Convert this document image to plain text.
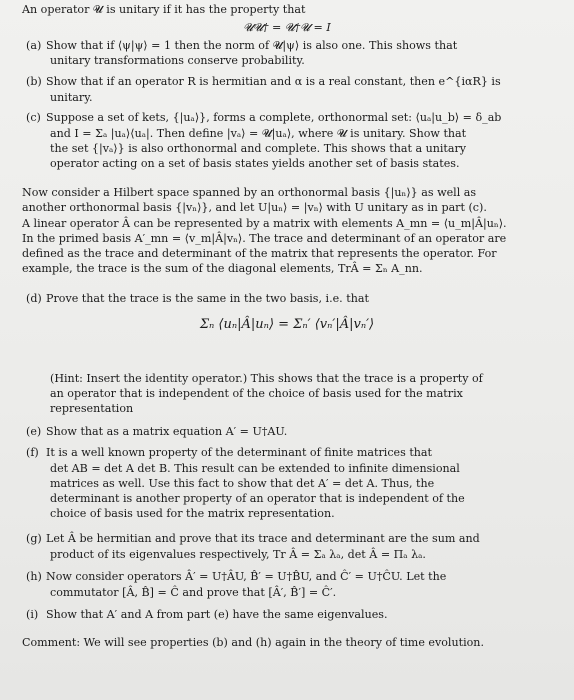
An operator 𝓤 is unitary if it has the property that
𝓤𝓤† = 𝓤†𝓤 = I
(a) Show that if ⟨ψ|ψ⟩ = 1 then the norm of 𝓤|ψ⟩ is also one. This shows that
unitary transformations conserve probability.
(b) Show that if an operator R is hermitian and α is a real constant, then e^{iαR} is
unitary.
(c) Suppose a set of kets, {|uₐ⟩}, forms a complete, orthonormal set: ⟨uₐ|u_b⟩ = δ_ab
and I = Σₐ |uₐ⟩⟨uₐ|. Then define |vₐ⟩ = 𝓤|uₐ⟩, where 𝓤 is unitary. Show that
the set {|vₐ⟩} is also orthonormal and complete. This shows that a unitary
operator acting on a set of basis states yields another set of basis states.
Now consider a Hilbert space spanned by an orthonormal basis {|uₙ⟩} as well as
another orthonormal basis {|vₙ⟩}, and let U|uₙ⟩ = |vₙ⟩ with U unitary as in part (c).
A linear operator Â can be represented by a matrix with elements A_mn = ⟨u_m|Â|uₙ⟩.
In the primed basis A′_mn = ⟨v_m|Â|vₙ⟩. The trace and determinant of an operator are
defined as the trace and determinant of the matrix that represents the operator. For
example, the trace is the sum of the diagonal elements, TrÂ = Σₙ A_nn.
(d) Prove that the trace is the same in the two basis, i.e. that
Σₙ ⟨uₙ|Â|uₙ⟩ = Σₙ′ ⟨vₙ′|Â|vₙ′⟩
(Hint: Insert the identity operator.) This shows that the trace is a property of
an operator that is independent of the choice of basis used for the matrix
representation
(e) Show that as a matrix equation A′ = U†AU.
(f) It is a well known property of the determinant of finite matrices that
det AB = det A det B. This result can be extended to infinite dimensional
matrices as well. Use this fact to show that det A′ = det A. Thus, the
determinant is another property of an operator that is independent of the
choice of basis used for the matrix representation.
(g) Let Â be hermitian and prove that its trace and determinant are the sum and
product of its eigenvalues respectively, Tr Â = Σₐ λₐ, det Â = Πₐ λₐ.
(h) Now consider operators Â′ = U†ÂU, B̂′ = U†B̂U, and Ĉ′ = U†ĈU. Let the
commutator [Â, B̂] = Ĉ and prove that [Â′, B̂′] = Ĉ′.
(i) Show that A′ and A from part (e) have the same eigenvalues.
Comment: We will see properties (b) and (h) again in the theory of time evolution.
